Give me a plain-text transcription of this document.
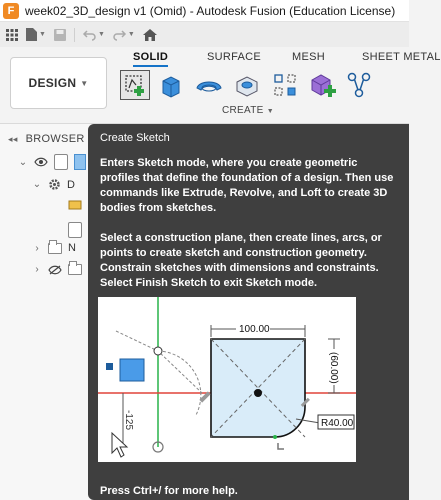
F week02_3D_design v1 (Omid) - Autodesk Fusion (Education License)
▼	▼	▼
SOLID	SURFACE	MESH	SHEET METAL
DESIGN ▼
CREATE ▼
◂◂ BROWSER
⌄
⌄ D
›	N
›
Create Sketch
Enters Sketch mode, where you create geometric profiles that define the foundation of a design. Then use commands like Extrude, Revolve, and Loft to create 3D bodies from sketches.
Select a construction plane, then create lines, arcs, or points to create sketch and construction geometry. Constrain sketches with dimensions and constraints. Select Finish Sketch to exit Sketch mode.
-125
100.00
(60.00)
R40.00
Press Ctrl+/ for more help.
